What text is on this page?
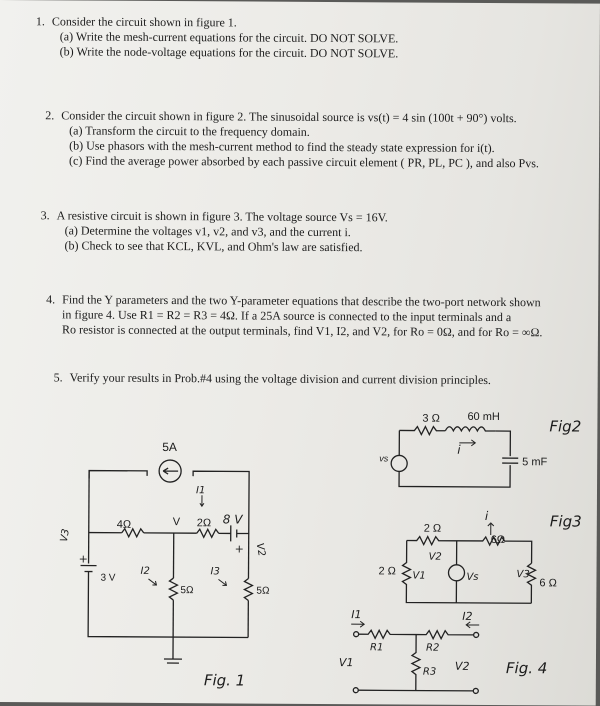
1. Consider the circuit shown in figure 1.
(a) Write the mesh-current equations for the circuit. DO NOT SOLVE.
(b) Write the node-voltage equations for the circuit. DO NOT SOLVE.
2. Consider the circuit shown in figure 2. The sinusoidal source is vs(t) = 4 sin (100t + 90°) volts.
(a) Transform the circuit to the frequency domain.
(b) Use phasors with the mesh-current method to find the steady state expression for i(t).
(c) Find the average power absorbed by each passive circuit element ( PR, PL, PC ), and also Pvs.
3. A resistive circuit is shown in figure 3. The voltage source Vs = 16V.
(a) Determine the voltages v1, v2, and v3, and the current i.
(b) Check to see that KCL, KVL, and Ohm's law are satisfied.
4. Find the Y parameters and the two Y-parameter equations that describe the two-port network shown
in figure 4. Use R1 = R2 = R3 = 4Ω. If a 25A source is connected to the input terminals and a
Ro resistor is connected at the output terminals, find V1, I2, and V2, for Ro = 0Ω, and for Ro = ∞Ω.
5. Verify your results in Prob.#4 using the voltage division and current division principles.
5A
4Ω	V 2Ω 8 V
+
V3
V2
I1
I2	I3
5Ω	5Ω
3 V
+
Fig. 1
3 Ω	60 mH
5 mF
vs
i
Fig2
2 Ω
6Ω
2 Ω
6 Ω
i
V1
V2
V3
Vs
Fig3
I1	I2
R1	R2
R3
V1	V2 Fig. 4
